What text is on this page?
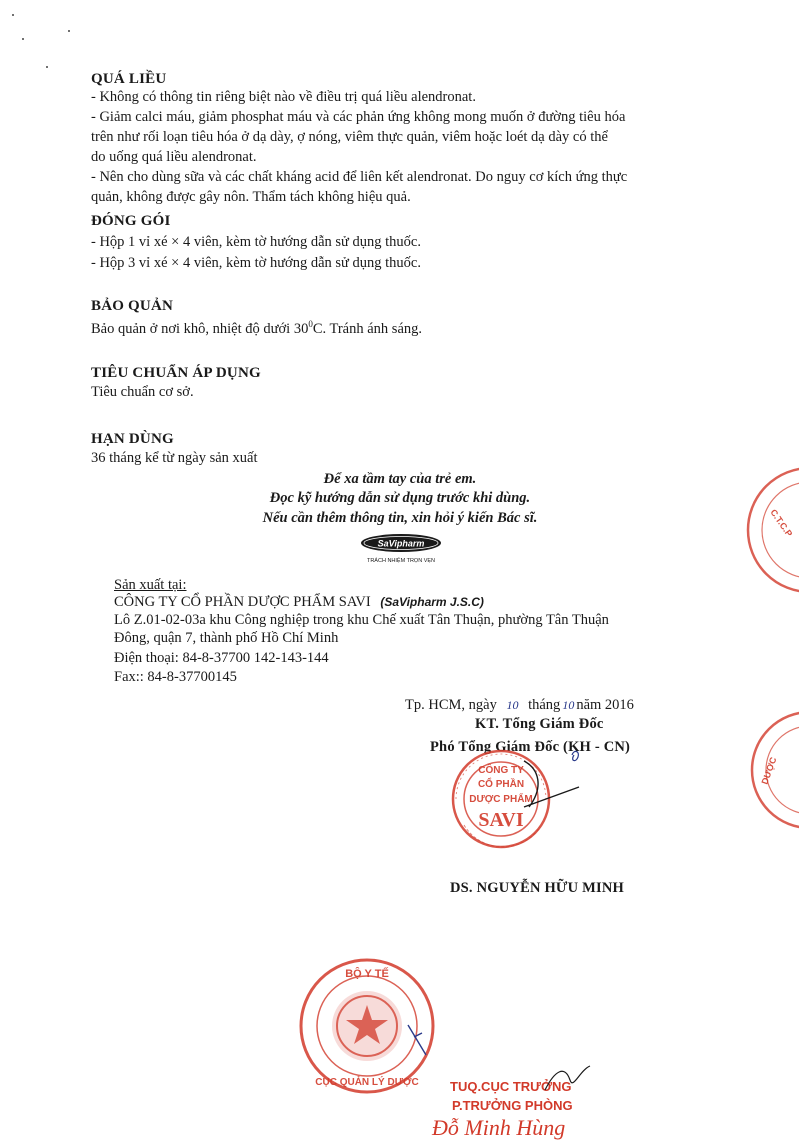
QUÁ LIỀU
- Không có thông tin riêng biệt nào về điều trị quá liều alendronat.
- Giảm calci máu, giảm phosphat máu và các phản ứng không mong muốn ở đường tiêu hóa
trên như rối loạn tiêu hóa ở dạ dày, ợ nóng, viêm thực quản, viêm hoặc loét dạ dày có thể
do uống quá liều alendronat.
- Nên cho dùng sữa và các chất kháng acid để liên kết alendronat. Do nguy cơ kích ứng thực
quản, không được gây nôn. Thẩm tách không hiệu quả.
ĐÓNG GÓI
- Hộp 1 vỉ xé × 4 viên, kèm tờ hướng dẫn sử dụng thuốc.
- Hộp 3 vỉ xé × 4 viên, kèm tờ hướng dẫn sử dụng thuốc.
BẢO QUẢN
Bảo quản ở nơi khô, nhiệt độ dưới $30^0C$. Tránh ánh sáng.
TIÊU CHUẨN ÁP DỤNG
Tiêu chuẩn cơ sở.
HẠN DÙNG
36 tháng kể từ ngày sản xuất
Để xa tầm tay của trẻ em.
Đọc kỹ hướng dẫn sử dụng trước khi dùng.
Nếu cần thêm thông tin, xin hỏi ý kiến Bác sĩ.
SaVipharm
TRÁCH NHIỆM TRỌN VẸN
Sản xuất tại:
CÔNG TY CỔ PHẦN DƯỢC PHẨM SAVI (SaVipharm J.S.C)
Lô Z.01-02-03a khu Công nghiệp trong khu Chế xuất Tân Thuận, phường Tân Thuận
Đông, quận 7, thành phố Hồ Chí Minh
Điện thoại: 84-8-37700 142-143-144
Fax:: 84-8-37700145
Tp. HCM, ngày 10 tháng 10 năm 2016
KT. Tổng Giám Đốc
Phó Tổng Giám Đốc (KH - CN)
CÔNG TY
CỔ PHẦN
DƯỢC PHẨM
SAVI
DS. NGUYỄN HỮU MINH
BỘ Y TẾ
CỤC QUẢN LÝ DƯỢC TUQ.CỤC TRƯỞNG
P.TRƯỞNG PHÒNG
Đỗ Minh Hùng
C.T.C.P
DƯỢC
